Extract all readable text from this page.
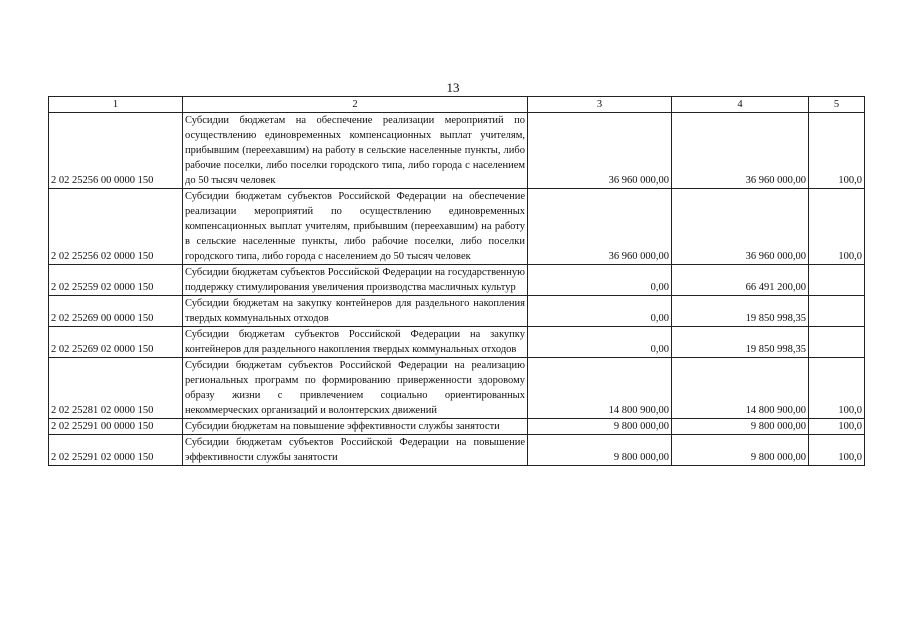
13
1	2	3	4	5
2 02 25256 00 0000 150	Субсидии бюджетам на обеспечение реализации мероприятий по осуществлению единовременных компенсационных выплат учителям, прибывшим (переехавшим) на работу в сельские населенные пункты, либо рабочие поселки, либо поселки городского типа, либо города с населением до 50 тысяч человек	36 960 000,00	36 960 000,00	100,0
2 02 25256 02 0000 150	Субсидии бюджетам субъектов Российской Федерации на обеспечение реализации мероприятий по осуществлению единовременных компенсационных выплат учителям, прибывшим (переехавшим) на работу в сельские населенные пункты, либо рабочие поселки, либо поселки городского типа, либо города с населением до 50 тысяч человек	36 960 000,00	36 960 000,00	100,0
2 02 25259 02 0000 150	Субсидии бюджетам субъектов Российской Федерации на государственную поддержку стимулирования увеличения производства масличных культур	0,00	66 491 200,00	
2 02 25269 00 0000 150	Субсидии бюджетам на закупку контейнеров для раздельного накопления твердых коммунальных отходов	0,00	19 850 998,35	
2 02 25269 02 0000 150	Субсидии бюджетам субъектов Российской Федерации на закупку контейнеров для раздельного накопления твердых коммунальных отходов	0,00	19 850 998,35	
2 02 25281 02 0000 150	Субсидии бюджетам субъектов Российской Федерации на реализацию региональных программ по формированию приверженности здоровому образу жизни с привлечением социально ориентированных некоммерческих организаций и волонтерских движений	14 800 900,00	14 800 900,00	100,0
2 02 25291 00 0000 150	Субсидии бюджетам на повышение эффективности службы занятости	9 800 000,00	9 800 000,00	100,0
2 02 25291 02 0000 150	Субсидии бюджетам субъектов Российской Федерации на повышение эффективности службы занятости	9 800 000,00	9 800 000,00	100,0
